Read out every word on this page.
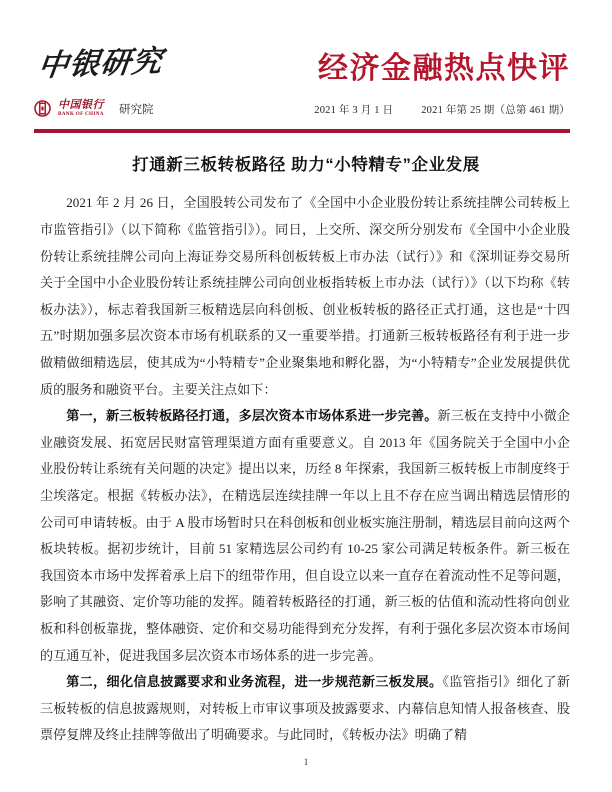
中银研究	经济金融热点快评
中国银行
BANK OF CHINA 研究院	2021 年 3 月 1 日	2021 年第 25 期（总第 461 期）
打通新三板转板路径 助力“小特精专”企业发展

2021 年 2 月 26 日，全国股转公司发布了《全国中小企业股份转让系统挂牌公司转板上市监管指引》（以下简称《监管指引》）。同日，上交所、深交所分别发布《全国中小企业股份转让系统挂牌公司向上海证券交易所科创板转板上市办法（试行）》和《深圳证券交易所关于全国中小企业股份转让系统挂牌公司向创业板指转板上市办法（试行）》（以下均称《转板办法》），标志着我国新三板精选层向科创板、创业板转板的路径正式打通，这也是“十四五”时期加强多层次资本市场有机联系的又一重要举措。打通新三板转板路径有利于进一步做精做细精选层，使其成为“小特精专”企业聚集地和孵化器，为“小特精专”企业发展提供优质的服务和融资平台。主要关注点如下：

第一，新三板转板路径打通，多层次资本市场体系进一步完善。新三板在支持中小微企业融资发展、拓宽居民财富管理渠道方面有重要意义。自 2013 年《国务院关于全国中小企业股份转让系统有关问题的决定》提出以来，历经 8 年探索，我国新三板转板上市制度终于尘埃落定。根据《转板办法》，在精选层连续挂牌一年以上且不存在应当调出精选层情形的公司可申请转板。由于 A 股市场暂时只在科创板和创业板实施注册制，精选层目前向这两个板块转板。据初步统计，目前 51 家精选层公司约有 10-25 家公司满足转板条件。新三板在我国资本市场中发挥着承上启下的纽带作用，但自设立以来一直存在着流动性不足等问题，影响了其融资、定价等功能的发挥。随着转板路径的打通，新三板的估值和流动性将向创业板和科创板靠拢，整体融资、定价和交易功能得到充分发挥，有利于强化多层次资本市场间的互通互补，促进我国多层次资本市场体系的进一步完善。

第二，细化信息披露要求和业务流程，进一步规范新三板发展。《监管指引》细化了新三板转板的信息披露规则，对转板上市审议事项及披露要求、内幕信息知情人报备核查、股票停复牌及终止挂牌等做出了明确要求。与此同时，《转板办法》明确了精

1
